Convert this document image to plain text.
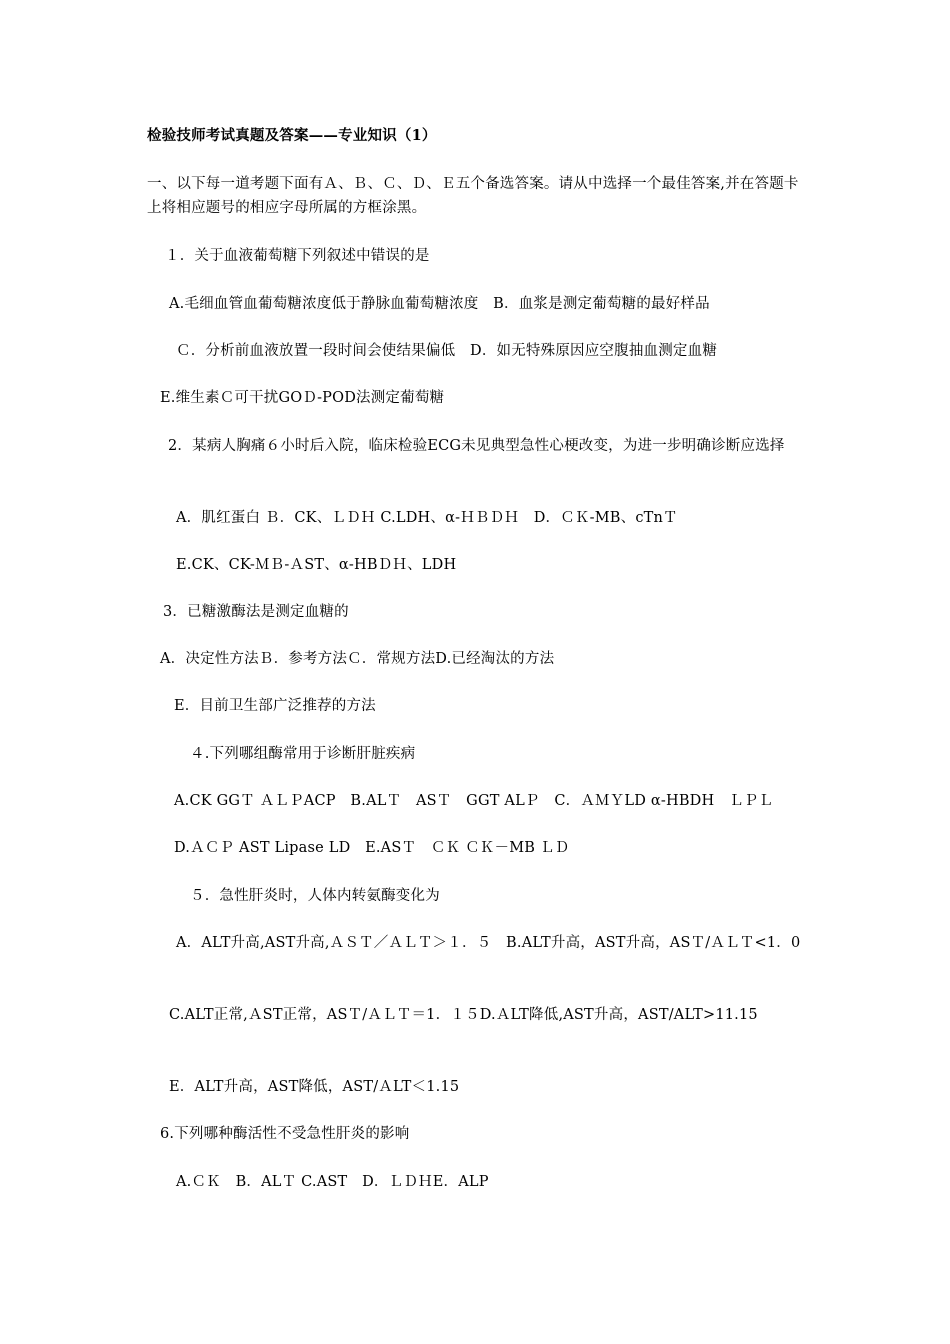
检验技师考试真题及答案——专业知识（1）
一、以下每一道考题下面有Ａ、Ｂ、Ｃ、Ｄ、Ｅ五个备选答案。请从中选择一个最佳答案,并在答题卡上将相应题号的相应字母所属的方框涂黑。
１．关于血液葡萄糖下列叙述中错误的是
A.毛细血管血葡萄糖浓度低于静脉血葡萄糖浓度　B．血浆是测定葡萄糖的最好样品
Ｃ．分析前血液放置一段时间会使结果偏低　D．如无特殊原因应空腹抽血测定血糖
E.维生素Ｃ可干扰GOＤ-POD法测定葡萄糖
2．某病人胸痛６小时后入院，临床检验ECG未见典型急性心梗改变，为进一步明确诊断应选择
A．肌红蛋白 Ｂ．CK、ＬＤＨ C.LDH、α-ＨＢＤＨ　D．ＣＫ-MB、cTnＴ
E.CK、CK-ＭＢ-ＡST、α-HBＤＨ、LDH
3．已糖激酶法是测定血糖的
A．决定性方法Ｂ．参考方法Ｃ．常规方法D.已经淘汰的方法
E．目前卫生部广泛推荐的方法
４.下列哪组酶常用于诊断肝脏疾病
A.CK GGＴ ＡＬＰACP　B.ALＴ　ASＴ　GGT ALＰ　C．ＡＭＹLD α-HBDH　ＬＰＬ
D.ＡＣＰ AST Lipase LD　E.ASＴ　ＣＫ ＣＫ－MB ＬＤ
５．急性肝炎时，人体内转氨酶变化为
A．ALT升高,AST升高,ＡＳＴ／ＡＬＴ＞１．５　B.ALT升高，AST升高，ASＴ/ＡＬＴ<1．0
C.ALT正常,ＡST正常，ASＴ/ＡＬＴ＝1．１５D.ＡLT降低,AST升高，AST/ALT>11.15
E．ALT升高，AST降低，AST/ＡLT＜1.15
6.下列哪种酶活性不受急性肝炎的影响
A.ＣＫ　B．ALＴ C.AST　D．ＬＤＨE．ALP
